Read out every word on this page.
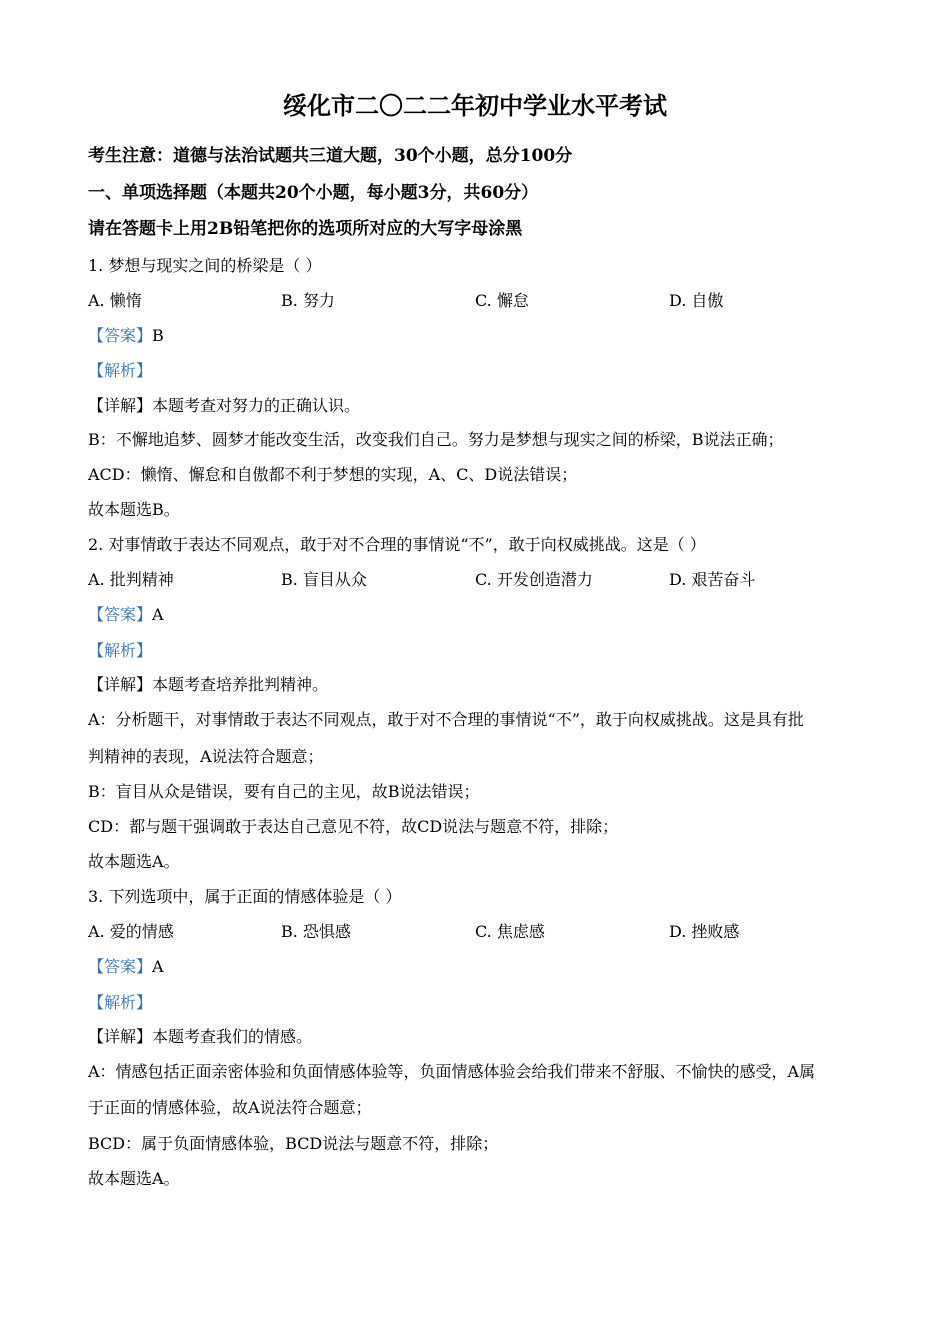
绥化市二〇二二年初中学业水平考试
考生注意：道德与法治试题共三道大题，30个小题，总分100分
一、单项选择题（本题共20个小题，每小题3分，共60分）
请在答题卡上用2B铅笔把你的选项所对应的大写字母涂黑
1. 梦想与现实之间的桥梁是（ ）
A. 懒惰	B. 努力	C. 懈怠	D. 自傲
【答案】B
【解析】
【详解】本题考查对努力的正确认识。
B：不懈地追梦、圆梦才能改变生活，改变我们自己。努力是梦想与现实之间的桥梁，B说法正确；
ACD：懒惰、懈怠和自傲都不利于梦想的实现，A、C、D说法错误；
故本题选B。
2. 对事情敢于表达不同观点，敢于对不合理的事情说“不”，敢于向权威挑战。这是（ ）
A. 批判精神	B. 盲目从众	C. 开发创造潜力	D. 艰苦奋斗
【答案】A
【解析】
【详解】本题考查培养批判精神。
A：分析题干，对事情敢于表达不同观点，敢于对不合理的事情说“不”，敢于向权威挑战。这是具有批
判精神的表现，A说法符合题意；
B：盲目从众是错误，要有自己的主见，故B说法错误；
CD：都与题干强调敢于表达自己意见不符，故CD说法与题意不符，排除；
故本题选A。
3. 下列选项中，属于正面的情感体验是（ ）
A. 爱的情感	B. 恐惧感	C. 焦虑感	D. 挫败感
【答案】A
【解析】
【详解】本题考查我们的情感。
A：情感包括正面亲密体验和负面情感体验等，负面情感体验会给我们带来不舒服、不愉快的感受，A属
于正面的情感体验，故A说法符合题意；
BCD：属于负面情感体验，BCD说法与题意不符，排除；
故本题选A。
